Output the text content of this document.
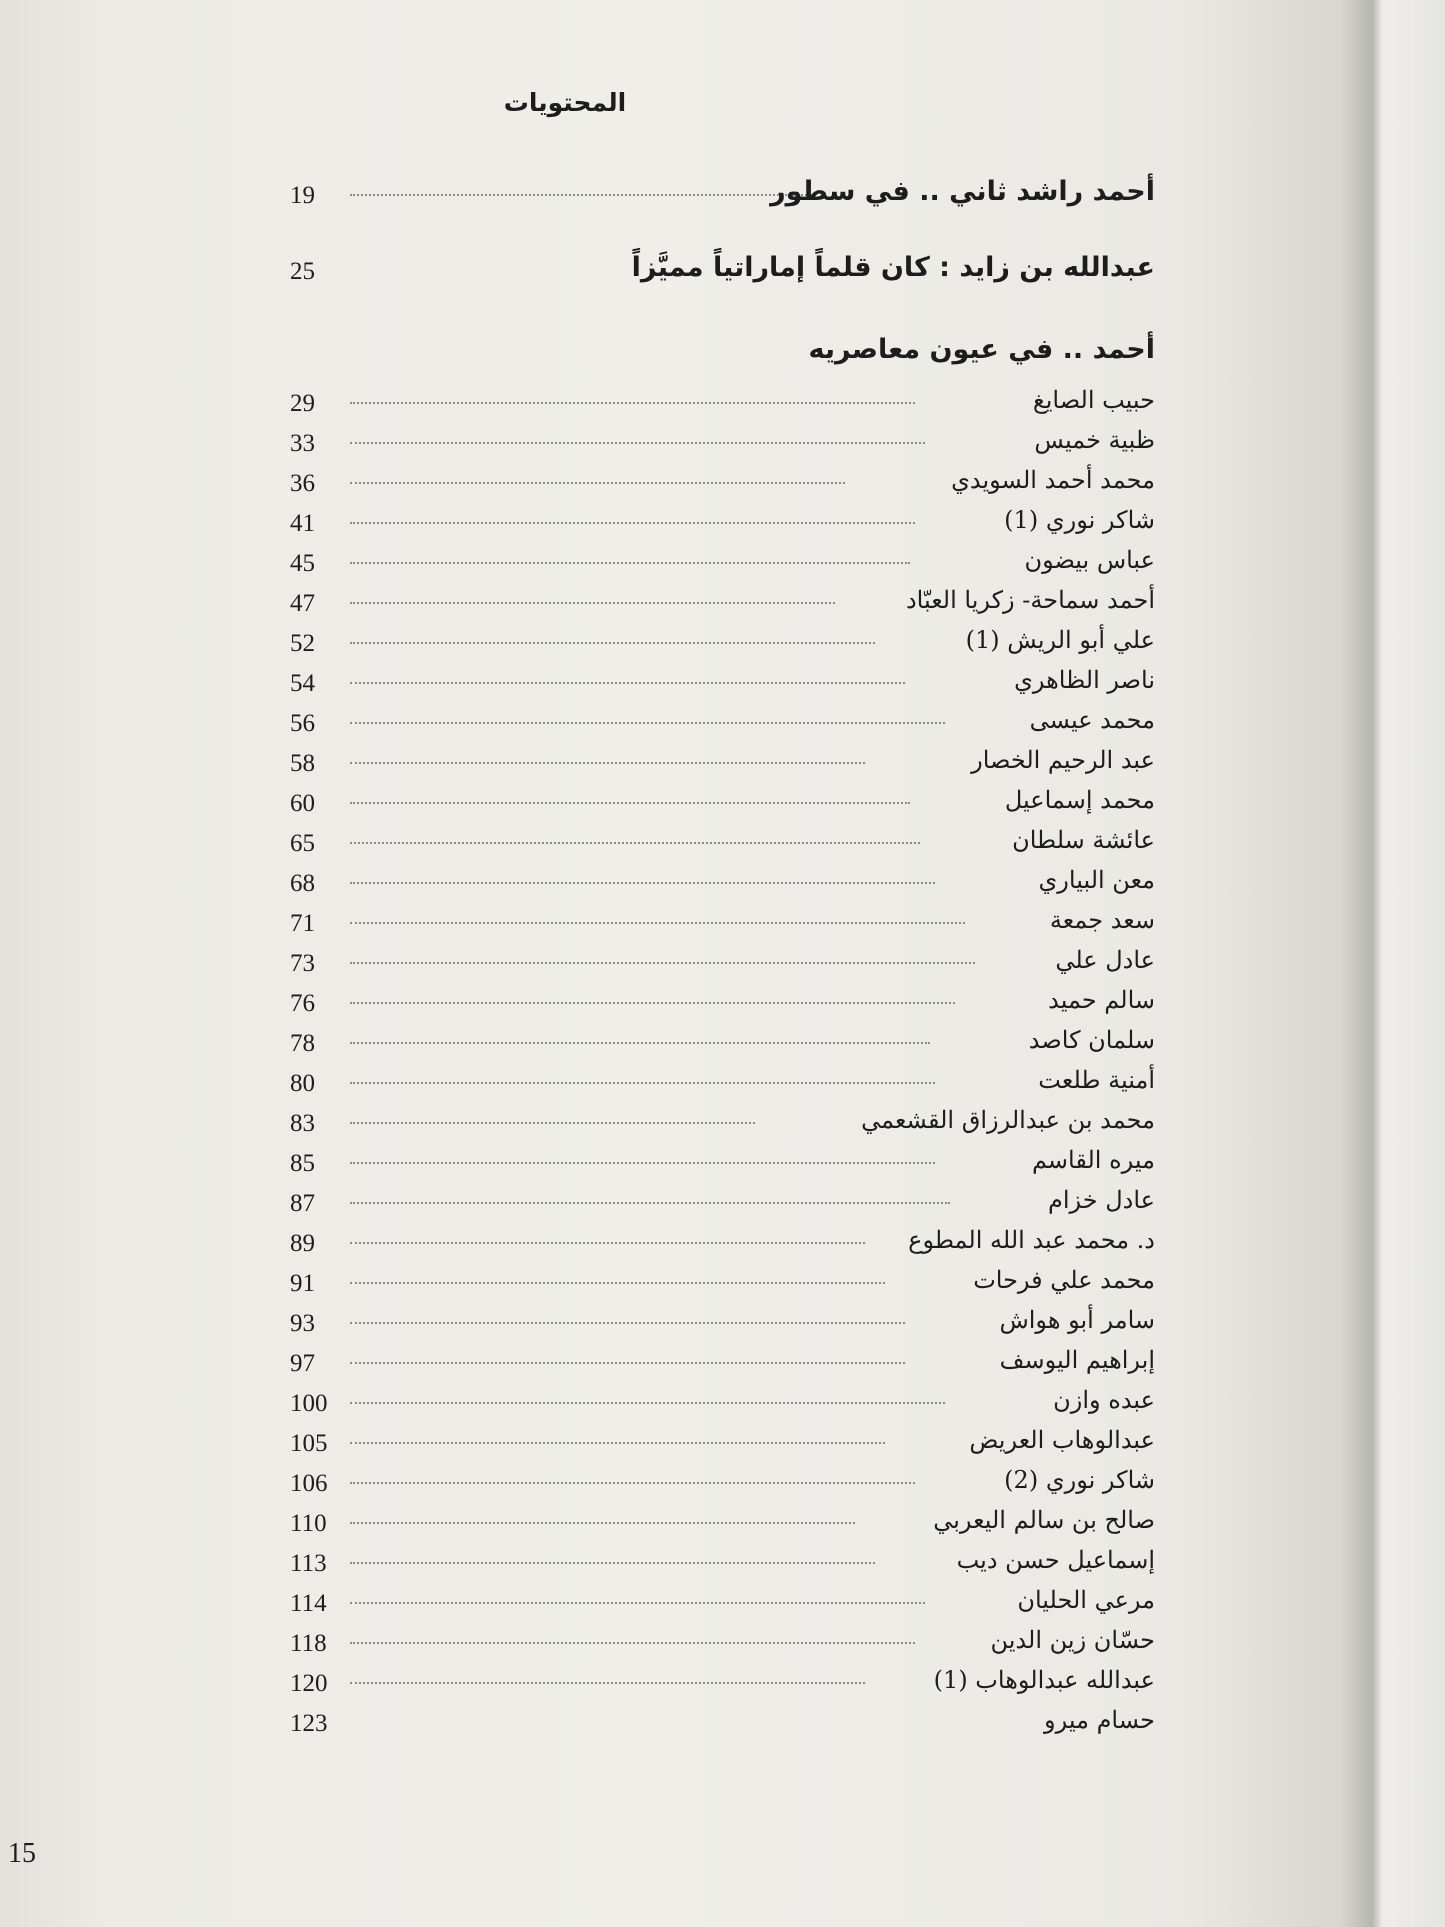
المحتويات
19	أحمد راشد ثاني .. في سطور
25	عبدالله بن زايد : كان قلماً إماراتياً مميَّزاً
أحمد .. في عيون معاصريه
29	حبيب الصايغ
33	ظبية خميس
36	محمد أحمد السويدي
41	شاكر نوري (1)
45	عباس بيضون
47	أحمد سماحة- زكريا العبّاد
52	علي أبو الريش (1)
54	ناصر الظاهري
56	محمد عيسى
58	عبد الرحيم الخصار
60	محمد إسماعيل
65	عائشة سلطان
68	معن البياري
71	سعد جمعة
73	عادل علي
76	سالم حميد
78	سلمان كاصد
80	أمنية طلعت
83	محمد بن عبدالرزاق القشعمي
85	ميره القاسم
87	عادل خزام
89	د. محمد عبد الله المطوع
91	محمد علي فرحات
93	سامر أبو هواش
97	إبراهيم اليوسف
100	عبده وازن
105	عبدالوهاب العريض
106	شاكر نوري (2)
110	صالح بن سالم اليعربي
113	إسماعيل حسن ديب
114	مرعي الحليان
118	حسّان زين الدين
120	عبدالله عبدالوهاب (1)
123	حسام ميرو
15
